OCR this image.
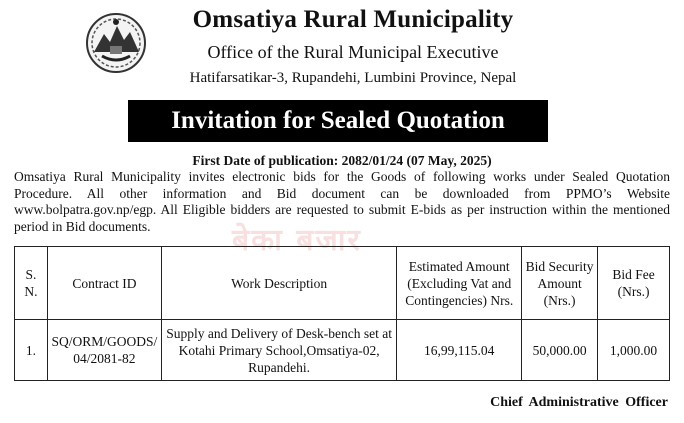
Omsatiya Rural Municipality
Office of the Rural Municipal Executive
Hatifarsatikar-3, Rupandehi, Lumbini Province, Nepal
Invitation for Sealed Quotation
First Date of publication: 2082/01/24 (07 May, 2025)
Omsatiya Rural Municipality invites electronic bids for the Goods of following works under Sealed Quotation Procedure. All other information and Bid document can be downloaded from PPMO’s Website www.bolpatra.gov.np/egp. All Eligible bidders are requested to submit E-bids as per instruction within the mentioned period in Bid documents.	बेका बजार
S. N.	Contract ID	Work Description	Estimated Amount (Excluding Vat and Contingencies) Nrs.	Bid Security Amount (Nrs.)	Bid Fee (Nrs.)
1.	SQ/ORM/GOODS/ 04/2081-82	Supply and Delivery of Desk-bench set at Kotahi Primary School,Omsatiya-02, Rupandehi.	16,99,115.04	50,000.00	1,000.00
Chief Administrative Officer
